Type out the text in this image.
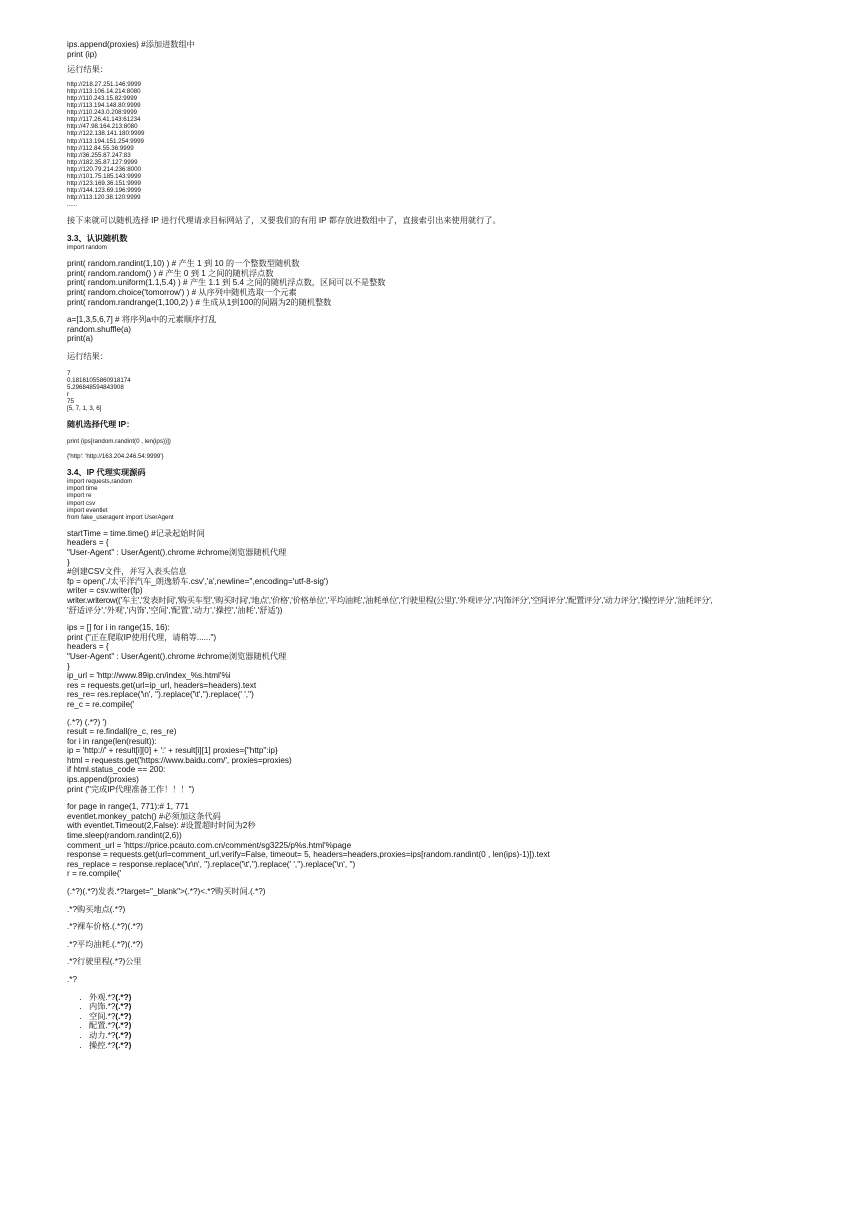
ips.append(proxies) #添加进数组中
print (ip)
运行结果：
http://218.27.251.146:9999
http://113.106.14.214:8080
http://110.243.15.82:9999
http://113.194.148.80:9999
http://110.243.0.208:9999
http://117.26.41.143:61234
http://47.98.164.213:8080
http://122.138.141.180:9999
http://113.194.151.254:9999
http://112.84.55.36:9999
http://36.255.87.247:83
http://182.35.87.127:9999
http://120.79.214.236:8000
http://101.75.185.143:9999
http://123.169.36.151:9999
http://144.123.69.196:9999
http://113.120.38.120:9999
......
接下来就可以随机选择 IP 进行代理请求目标网站了，又要我们的有用 IP 都存放进数组中了，直接索引出来使用就行了。
3.3、认识随机数
import random
print( random.randint(1,10) ) # 产生 1 到 10 的一个整数型随机数
print( random.random() ) # 产生 0 到 1 之间的随机浮点数
print( random.uniform(1.1,5.4) ) # 产生 1.1 到 5.4 之间的随机浮点数，区间可以不是整数
print( random.choice('tomorrow') ) # 从序列中随机选取一个元素
print( random.randrange(1,100,2) ) # 生成从1到100的间隔为2的随机整数
a=[1,3,5,6,7] # 将序列a中的元素顺序打乱
random.shuffle(a)
print(a)
运行结果：
7
0.18161055860918174
5.296848594843908
r
75
[5, 7, 1, 3, 6]
随机选择代理 IP：
print (ips[random.randint(0 , len(ips))])
{'http': 'http://163.204.246.54:9999'}
3.4、IP 代理实现源码
import requests,random
import time
import re
import csv
import eventlet
from fake_useragent import UserAgent
startTime = time.time() #记录起始时间
headers = {
"User-Agent" : UserAgent().chrome #chrome浏览器随机代理
}
#创建CSV文件，并写入表头信息
fp = open('./太平洋汽车_朗逸轿车.csv','a',newline='',encoding='utf-8-sig')
writer = csv.writer(fp)
writer.writerow(('车主','发表时间','购买车型','购买时间','地点','价格','价格单位','平均油耗','油耗单位','行驶里程(公里)','外观评分','内饰评分','空间评分','配置评分','动力评分','操控评分','油耗评分',
'舒适评分','外观','内饰','空间','配置','动力','操控','油耗','舒适'))
ips = [] for i in range(15, 16):
print ("正在爬取IP使用代理，请稍等......")
headers = {
"User-Agent" : UserAgent().chrome #chrome浏览器随机代理
}
ip_url = 'http://www.89ip.cn/index_%s.html'%i
res = requests.get(url=ip_url, headers=headers).text
res_re= res.replace('\n', '').replace('\t','').replace(' ','')
re_c = re.compile('
(.*?) (.*?) ')
result = re.findall(re_c, res_re)
for i in range(len(result)):
ip = 'http://' + result[i][0] + ':' + result[i][1] proxies={"http":ip}
html = requests.get('https://www.baidu.com/', proxies=proxies)
if html.status_code == 200:
ips.append(proxies)
print ("完成IP代理准备工作！！！")
for page in range(1, 771):# 1, 771
eventlet.monkey_patch() #必须加这条代码
with eventlet.Timeout(2,False): #设置超时时间为2秒
time.sleep(random.randint(2,6))
comment_url = 'https://price.pcauto.com.cn/comment/sg3225/p%s.html'%page
response = requests.get(url=comment_url,verify=False, timeout= 5, headers=headers,proxies=ips[random.randint(0 , len(ips)-1)]).text
res_replace = response.replace('\r\n', '').replace('\t','').replace(' ','').replace('\n', '')
r = re.compile('
(.*?)(.*?)发表.*?target="_blank">(.*?)<.*?购买时间.(.*?)
.*?购买地点(.*?)
.*?裸车价格.(.*?)(.*?)
.*?平均油耗.(.*?)(.*?)
.*?行驶里程(.*?)公里
.*?
• 外观.*?(.*?)
• 内饰.*?(.*?)
• 空间.*?(.*?)
• 配置.*?(.*?)
• 动力.*?(.*?)
• 操控.*?(.*?)
